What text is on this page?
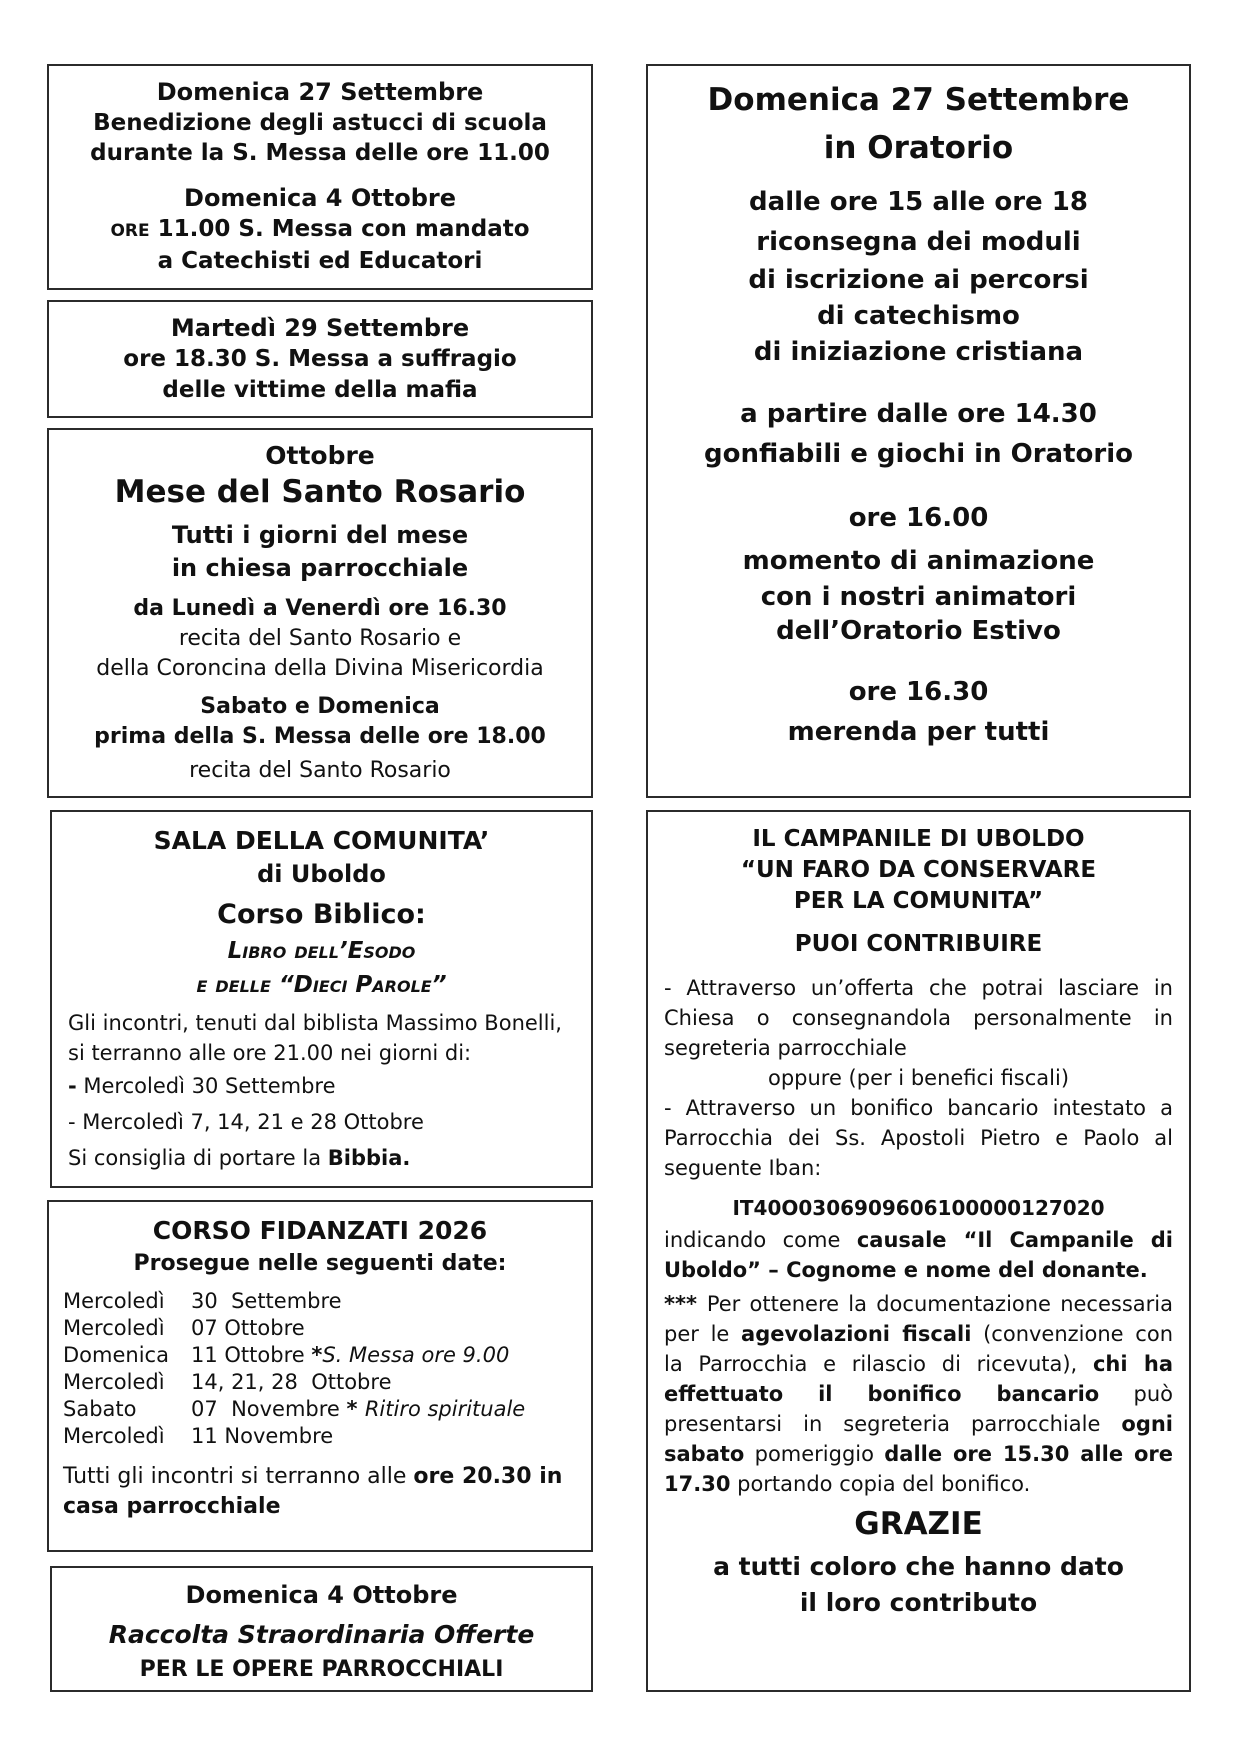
Domenica 27 Settembre

Benedizione degli astucci di scuola

durante la S. Messa delle ore 11.00

Domenica 4 Ottobre

ORE 11.00 S. Messa con mandato

a Catechisti ed Educatori

Martedì 29 Settembre

ore 18.30 S. Messa a suffragio

delle vittime della mafia

Ottobre

Mese del Santo Rosario

Tutti i giorni del mese

in chiesa parrocchiale

da Lunedì a Venerdì ore 16.30

recita del Santo Rosario e

della Coroncina della Divina Misericordia

Sabato e Domenica

prima della S. Messa delle ore 18.00

recita del Santo Rosario

SALA DELLA COMUNITA’

di Uboldo

Corso Biblico:

Libro dell’Esodo

e delle “Dieci Parole”

Gli incontri, tenuti dal biblista Massimo Bonelli,

si terranno alle ore 21.00 nei giorni di:

- Mercoledì 30 Settembre

- Mercoledì 7, 14, 21 e 28 Ottobre

Si consiglia di portare la Bibbia.

CORSO FIDANZATI 2026

Prosegue nelle seguenti date:

Mercoledì	30  Settembre
Mercoledì	07 Ottobre
Domenica	11 Ottobre * S. Messa ore 9.00
Mercoledì	14, 21, 28  Ottobre
Sabato	07  Novembre * Ritiro spirituale
Mercoledì	11 Novembre

Tutti gli incontri si terranno alle ore 20.30 in
casa parrocchiale

Domenica 4 Ottobre

Raccolta Straordinaria Offerte

PER LE OPERE PARROCCHIALI

Domenica 27 Settembre

in Oratorio

dalle ore 15 alle ore 18

riconsegna dei moduli

di iscrizione ai percorsi

di catechismo

di iniziazione cristiana

a partire dalle ore 14.30

gonfiabili e giochi in Oratorio

ore 16.00

momento di animazione

con i nostri animatori

dell’Oratorio Estivo

ore 16.30

merenda per tutti

IL CAMPANILE DI UBOLDO

“UN FARO DA CONSERVARE

PER LA COMUNITA”

PUOI CONTRIBUIRE

- Attraverso un’offerta che potrai lasciare in Chiesa o consegnandola personalmente in segreteria parrocchiale

oppure (per i benefici fiscali)

- Attraverso un bonifico bancario intestato a Parrocchia dei Ss. Apostoli Pietro e Paolo al seguente Iban:

IT40O0306909606100000127020

indicando come causale “Il Campanile di Uboldo” – Cognome e nome del donante.

*** Per ottenere la documentazione necessaria per le agevolazioni fiscali (convenzione con la Parrocchia e rilascio di ricevuta), chi ha effettuato il bonifico bancario può presentarsi in segreteria parrocchiale ogni sabato pomeriggio dalle ore 15.30 alle ore 17.30 portando copia del bonifico.

GRAZIE

a tutti coloro che hanno dato

il loro contributo
